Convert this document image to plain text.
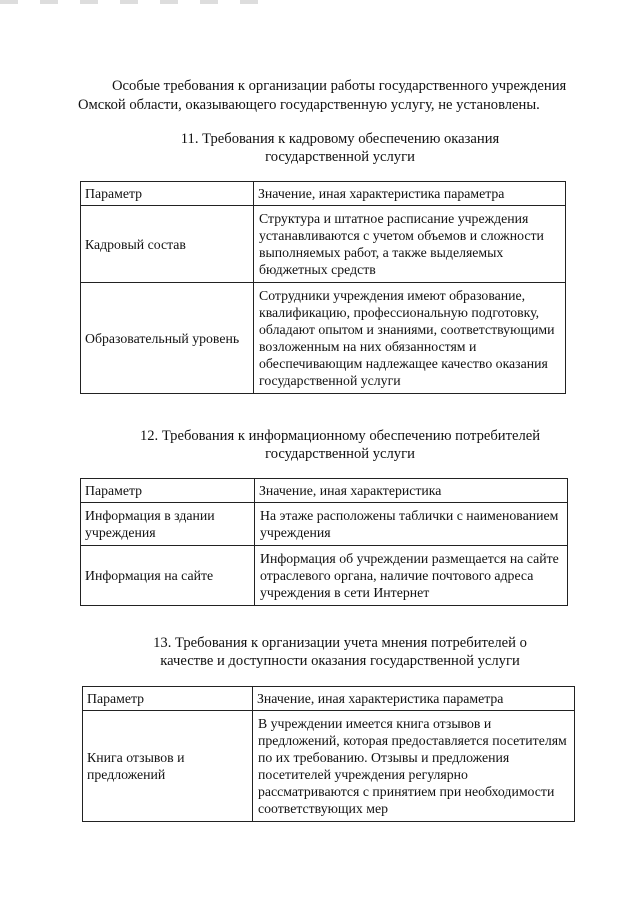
Особые требования к организации работы государственного учреждения
Омской области, оказывающего государственную услугу, не установлены.
11. Требования к кадровому обеспечению оказания
государственной услуги
Параметр	Значение, иная характеристика параметра
Кадровый состав	Структура и штатное расписание учреждения устанавливаются с учетом объемов и сложности выполняемых работ, а также выделяемых бюджетных средств
Образовательный уровень	Сотрудники учреждения имеют образование, квалификацию, профессиональную подготовку, обладают опытом и знаниями, соответствующими возложенным на них обязанностям и обеспечивающим надлежащее качество оказания государственной услуги
12. Требования к информационному обеспечению потребителей
государственной услуги
Параметр	Значение, иная характеристика
Информация в здании учреждения	На этаже расположены таблички с наименованием учреждения
Информация на сайте	Информация об учреждении размещается на сайте отраслевого органа, наличие почтового адреса учреждения в сети Интернет
13. Требования к организации учета мнения потребителей о
качестве и доступности оказания государственной услуги
Параметр	Значение, иная характеристика параметра
Книга отзывов и предложений	В учреждении имеется книга отзывов и предложений, которая предоставляется посетителям по их требованию. Отзывы и предложения посетителей учреждения регулярно рассматриваются с принятием при необходимости соответствующих мер
